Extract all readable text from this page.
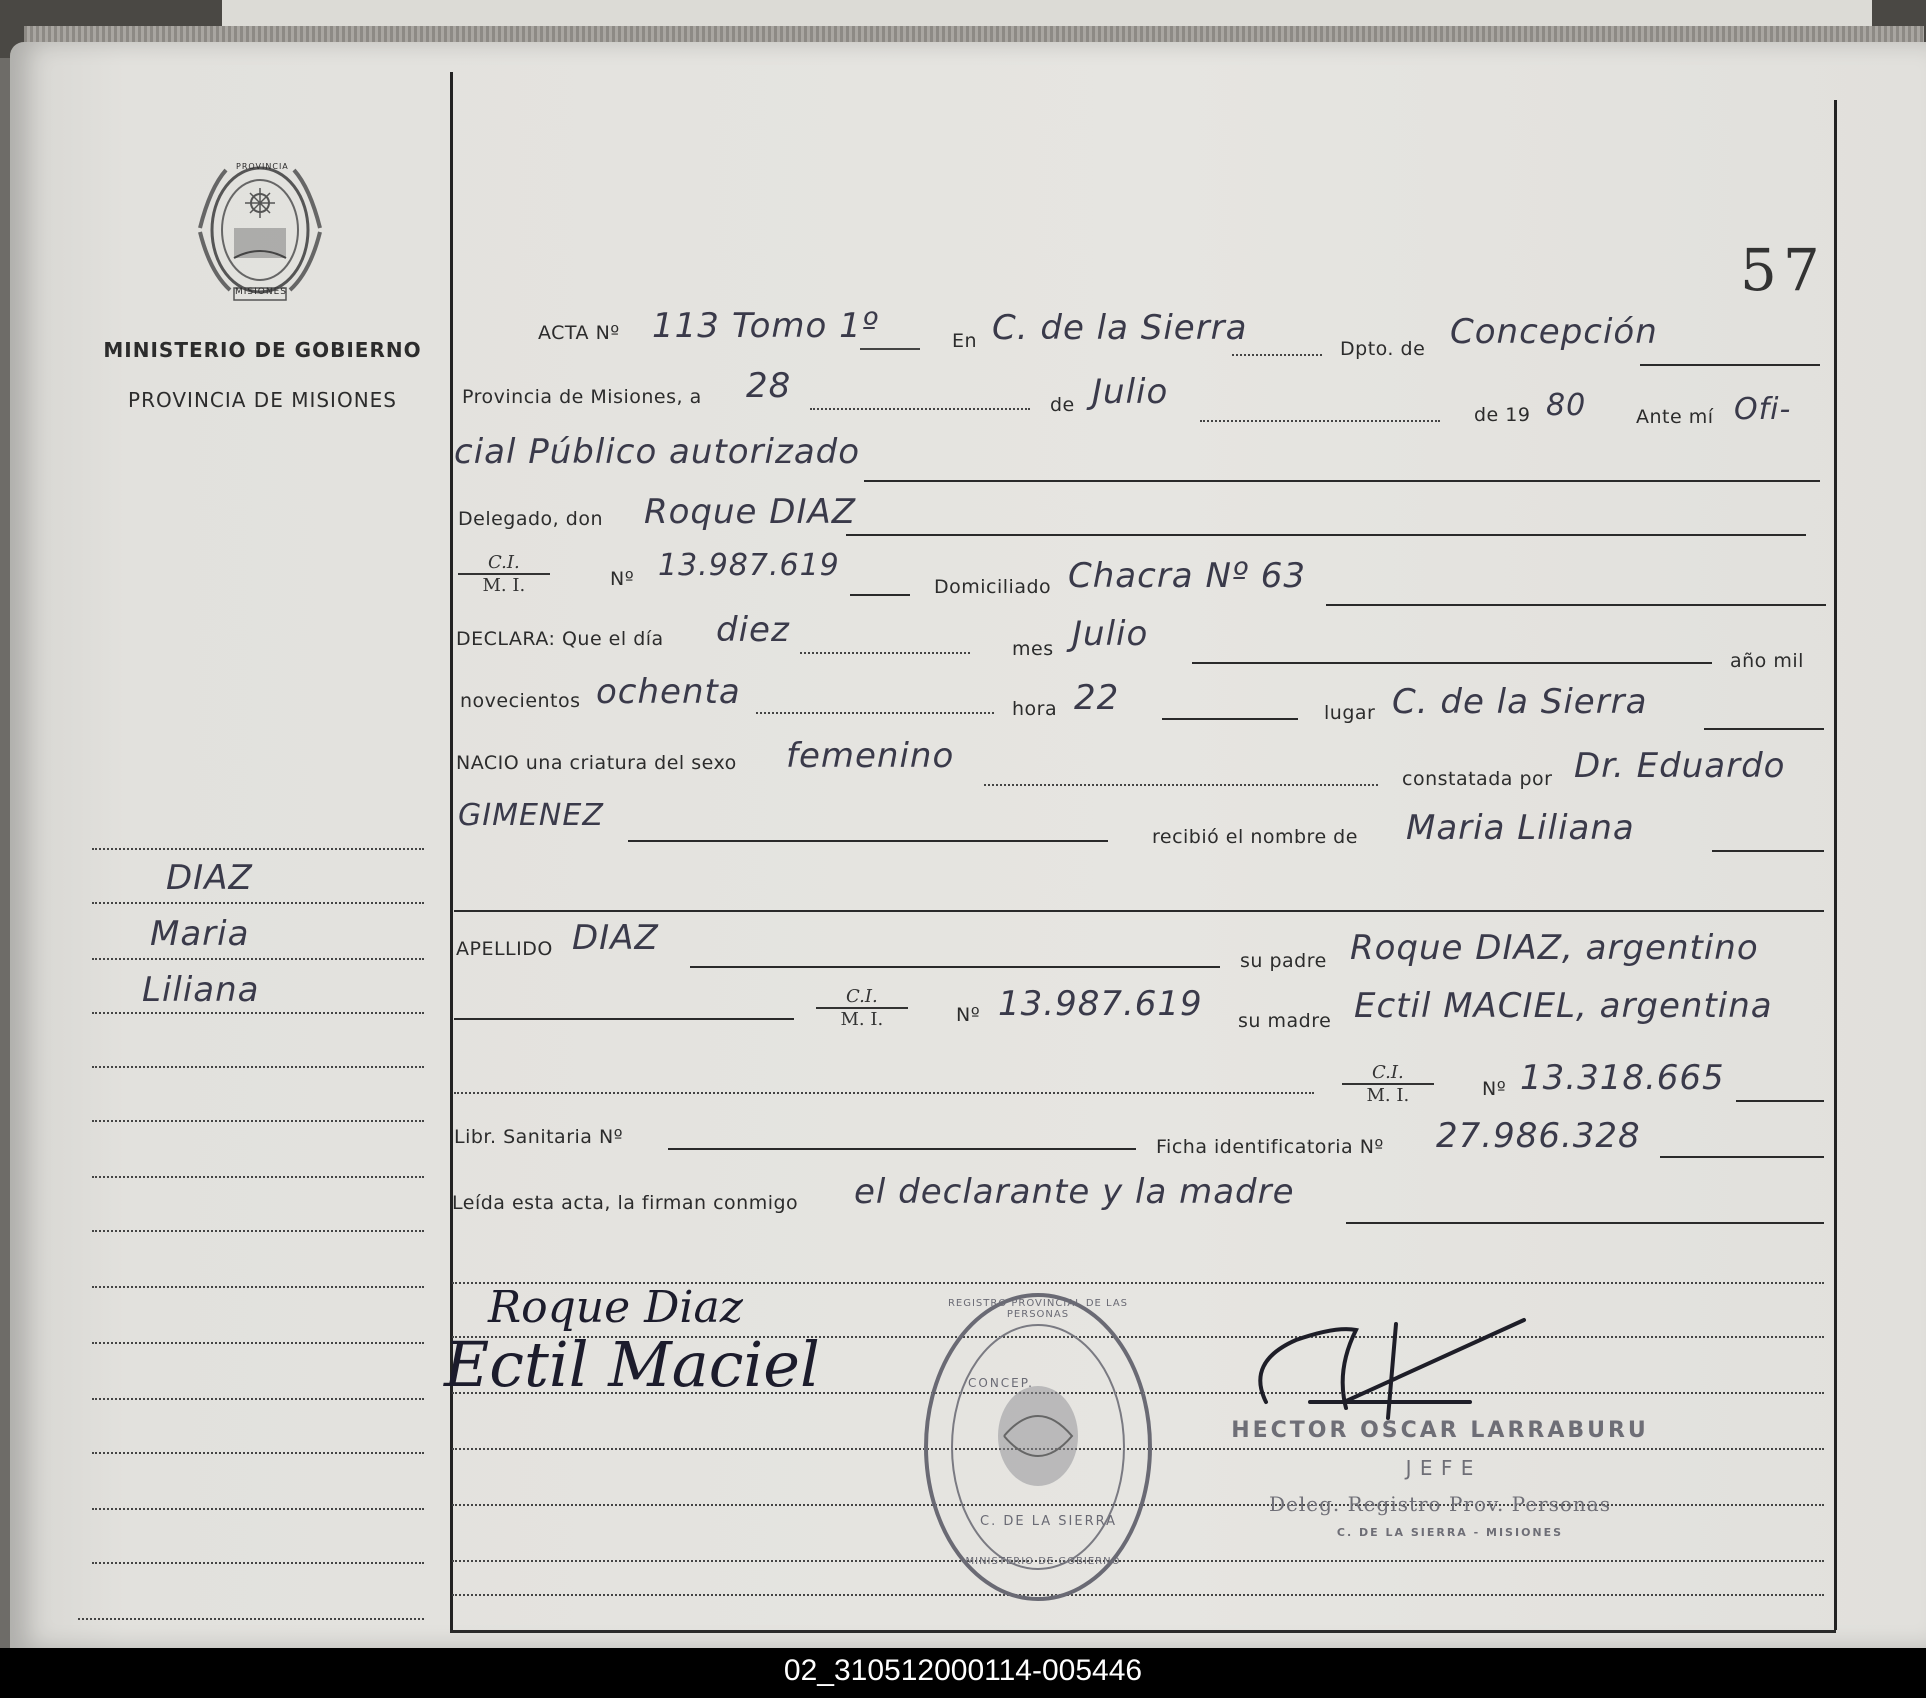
57
MISIONES
PROVINCIA
MINISTERIO DE GOBIERNO
PROVINCIA DE MISIONES
DIAZ
Maria
Liliana
ACTA Nº 113 Tomo 1º	En C. de la Sierra
Dpto. de Concepción
Provincia de Misiones, a 28	de Julio
de 19 80	Ante mí Ofi-
cial Público autorizado
Delegado, don Roque DIAZ
$\frac{C.I.}{M. I.}$	Nº 13.987.619
Domiciliado Chacra Nº 63
DECLARA: Que el día diez	mes Julio
año mil
novecientos ochenta	hora 22	lugar C. de la Sierra
NACIO una criatura del sexo femenino
constatada por Dr. Eduardo
GIMENEZ
recibió el nombre de Maria Liliana
APELLIDO DIAZ
su padre Roque DIAZ, argentino
$\frac{C.I.}{M. I.}$	Nº 13.987.619 su madre Ectil MACIEL, argentina
$\frac{C.I.}{M. I.}$	Nº 13.318.665
Libr. Sanitaria Nº	Ficha identificatoria Nº 27.986.328
Leída esta acta, la firman conmigo el declarante y la madre
Roque Diaz
Ectil Maciel
REGISTRO PROVINCIAL DE LAS PERSONAS
CONCEP.
C. DE LA SIERRA
MINISTERIO DE GOBIERNO
HECTOR OSCAR LARRABURU
J E F E
Deleg. Registro Prov. Personas
C. DE LA SIERRA - MISIONES
02_310512000114-005446
